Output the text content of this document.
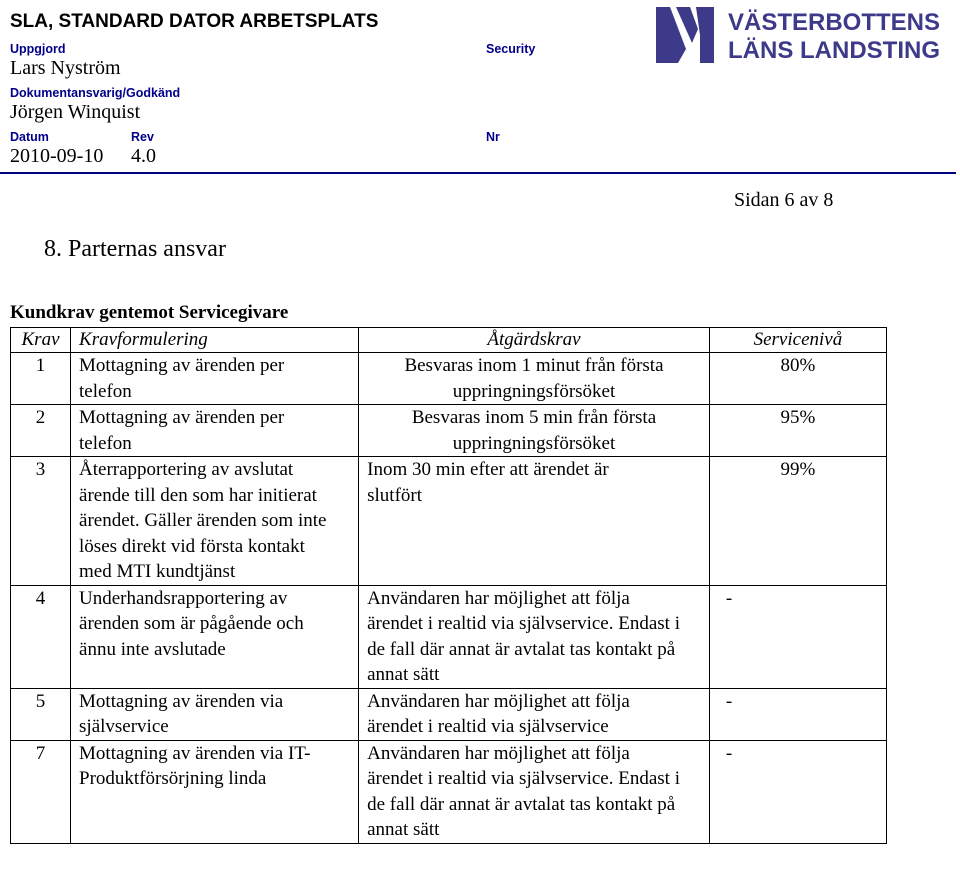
SLA, STANDARD DATOR ARBETSPLATS
Uppgjord	Security
Lars Nyström
Dokumentansvarig/Godkänd
Jörgen Winquist
Datum	Rev	Nr
2010-09-10 4.0
VÄSTERBOTTENS
LÄNS LANDSTING
Sidan 6 av 8
8. Parternas ansvar
Kundkrav gentemot Servicegivare
Krav	Kravformulering	Åtgärdskrav	Servicenivå
1	Mottagning av ärenden per telefon	Besvaras inom 1 minut från första uppringningsförsöket	80%
2	Mottagning av ärenden per telefon	Besvaras inom 5 min från första uppringningsförsöket	95%
3	Återrapportering av avslutat ärende till den som har initierat ärendet. Gäller ärenden som inte löses direkt vid första kontakt med MTI kundtjänst	Inom 30 min efter att ärendet är slutfört	99%
4	Underhandsrapportering av ärenden som är pågående och ännu inte avslutade	Användaren har möjlighet att följa ärendet i realtid via självservice. Endast i de fall där annat är avtalat tas kontakt på annat sätt	-
5	Mottagning av ärenden via självservice	Användaren har möjlighet att följa ärendet i realtid via självservice	-
7	Mottagning av ärenden via IT- Produktförsörjning linda	Användaren har möjlighet att följa ärendet i realtid via självservice. Endast i de fall där annat är avtalat tas kontakt på annat sätt	-
